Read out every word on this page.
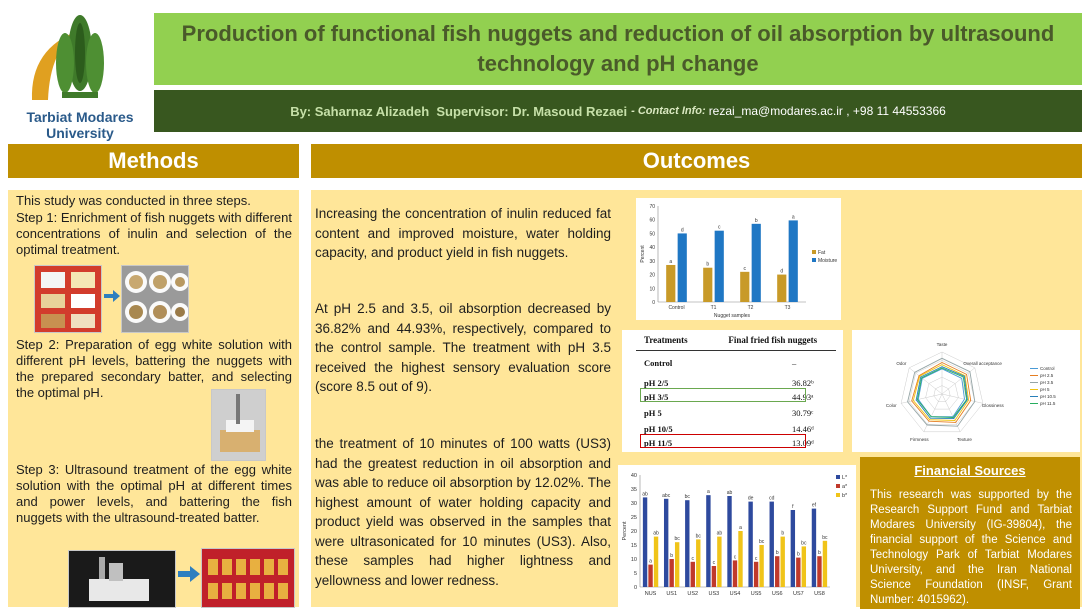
Tarbiat Modares
University
Production of functional fish nuggets and reduction of oil absorption by ultrasound technology and pH change
By:
Saharnaz Alizadeh
Supervisor:
Dr. Masoud Rezaei - Contact Info: rezai_ma@modares.ac.ir , +98 11 44553366
Methods	Outcomes
This study was conducted in three steps.
Step 1: Enrichment of fish nuggets with different concentrations of inulin and selection of the optimal treatment.
Step 2: Preparation of egg white solution with different pH levels, battering the nuggets with the prepared secondary batter, and selecting the optimal pH.
Step 3: Ultrasound treatment of the egg white solution with the optimal pH at different times and power levels, and battering the fish nuggets with the ultrasound-treated batter.
Increasing the concentration of inulin reduced fat content and improved moisture, water holding capacity, and product yield in fish nuggets.
At pH 2.5 and 3.5, oil absorption decreased by 36.82% and 44.93%, respectively, compared to the control sample. The treatment with pH 3.5 received the highest sensory evaluation score (score 8.5 out of 9).
the treatment of 10 minutes of 100 watts (US3) had the greatest reduction in oil absorption and was able to reduce oil absorption by 12.02%. The highest amount of water holding capacity and product yield was observed in the samples that were ultrasonicated for 10 minutes (US3). Also, these samples had higher lightness and yellowness and lower redness.
0
10
20
30
40
50
60
70
a
d
Control
b
c
T1
c
b
T2
d
a
T3
Percent
Nugget samples
Fat
Moisture
Treatments	Final fried fish nuggets
Control	–
pH 2/5	36.82ᵇ
pH 3/5	44.93ᵃ
pH 5	30.79ᶜ
pH 10/5	14.46ᵈ
pH 11/5	13.09ᵈ
Taste
Overall acceptance
Glossiness
Texture
Firmness
Color
Odor
Control
pH 2.5
pH 3.5
pH 5
pH 10.5
pH 11.5
0
5
10
15
20
25
30
35
40
ab
a
ab
NUS
abc
b
bc
US1
bc
c
bc
US2
a
c
ab
US3
ab
c
a
US4
de
c
bc
US5
cd
b
b
US6
f
b
bc
US7
ef
b
bc
US8
Percent
L*
a*
b*
Financial Sources
This research was supported by the Research Support Fund and Tarbiat Modares University (IG-39804), the financial support of the Science and Technology Park of Tarbiat Modares University, and the Iran National Science Foundation (INSF, Grant Number: 4015962).
